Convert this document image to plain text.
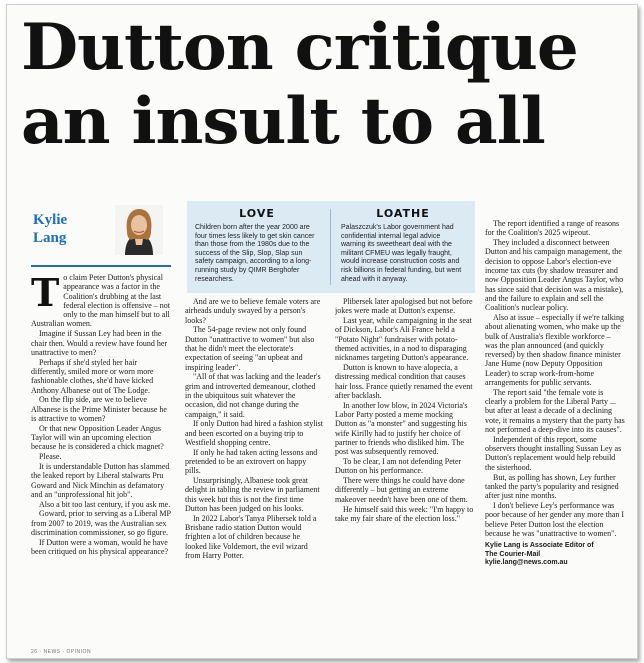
Dutton critique
an insult to all
Kylie Lang
LOVE

Children born after the year 2000 are four times less likely to get skin cancer than those from the 1980s due to the success of the Slip, Slop, Slap sun safety campaign, according to a long-running study by QIMR Berghofer researchers.

LOATHE

Palaszczuk's Labor government had confidential internal legal advice warning its sweetheart deal with the militant CFMEU was legally fraught, would increase construction costs and risk billions in federal funding, but went ahead with it anyway.

To claim Peter Dutton's physical appearance was a factor in the Coalition's drubbing at the last federal election is offensive – not only to the man himself but to all Australian women.

Imagine if Sussan Ley had been in the chair then. Would a review have found her unattractive to men?

Perhaps if she'd styled her hair differently, smiled more or worn more fashionable clothes, she'd have kicked Anthony Albanese out of The Lodge.

On the flip side, are we to believe Albanese is the Prime Minister because he is attractive to women?

Or that new Opposition Leader Angus Taylor will win an upcoming election because he is considered a chick magnet?

Please.

It is understandable Dutton has slammed the leaked report by Liberal stalwarts Pru Goward and Nick Minchin as defamatory and an "unprofessional hit job".

Also a bit too last century, if you ask me.

Goward, prior to serving as a Liberal MP from 2007 to 2019, was the Australian sex discrimination commissioner, so go figure.

If Dutton were a woman, would he have been critiqued on his physical appearance?

And are we to believe female voters are airheads unduly swayed by a person's looks?

The 54-page review not only found Dutton "unattractive to women" but also that he didn't meet the electorate's expectation of seeing "an upbeat and inspiring leader".

"All of that was lacking and the leader's grim and introverted demeanour, clothed in the ubiquitous suit whatever the occasion, did not change during the campaign," it said.

If only Dutton had hired a fashion stylist and been escorted on a buying trip to Westfield shopping centre.

If only he had taken acting lessons and pretended to be an extrovert on happy pills.

Unsurprisingly, Albanese took great delight in tabling the review in parliament this week but this is not the first time Dutton has been judged on his looks.

In 2022 Labor's Tanya Plibersek told a Brisbane radio station Dutton would frighten a lot of children because he looked like Voldemort, the evil wizard from Harry Potter.

Plibersek later apologised but not before jokes were made at Dutton's expense.

Last year, while campaigning in the seat of Dickson, Labor's Ali France held a "Potato Night" fundraiser with potato-themed activities, in a nod to disparaging nicknames targeting Dutton's appearance.

Dutton is known to have alopecia, a distressing medical condition that causes hair loss. France quietly renamed the event after backlash.

In another low blow, in 2024 Victoria's Labor Party posted a meme mocking Dutton as "a monster" and suggesting his wife Kirilly had to justify her choice of partner to friends who disliked him. The post was subsequently removed.

To be clear, I am not defending Peter Dutton on his performance.

There were things he could have done differently – but getting an extreme makeover needn't have been one of them.

He himself said this week: "I'm happy to take my fair share of the election loss."

The report identified a range of reasons for the Coalition's 2025 wipeout.

They included a disconnect between Dutton and his campaign management, the decision to oppose Labor's election-eve income tax cuts (by shadow treasurer and now Opposition Leader Angus Taylor, who has since said that decision was a mistake), and the failure to explain and sell the Coalition's nuclear policy.

Also at issue – especially if we're talking about alienating women, who make up the bulk of Australia's flexible workforce – was the plan announced (and quickly reversed) by then shadow finance minister Jane Hume (now Deputy Opposition Leader) to scrap work-from-home arrangements for public servants.

The report said "the female vote is clearly a problem for the Liberal Party ... but after at least a decade of a declining vote, it remains a mystery that the party has not performed a deep-dive into its causes".

Independent of this report, some observers thought installing Sussan Ley as Dutton's replacement would help rebuild the sisterhood.

But, as polling has shown, Ley further tanked the party's popularity and resigned after just nine months.

I don't believe Ley's performance was poor because of her gender any more than I believe Peter Dutton lost the election because he was "unattractive to women".

Kylie Lang is Associate Editor of
The Courier-Mail
kylie.lang@news.com.au
26 · NEWS · OPINION
